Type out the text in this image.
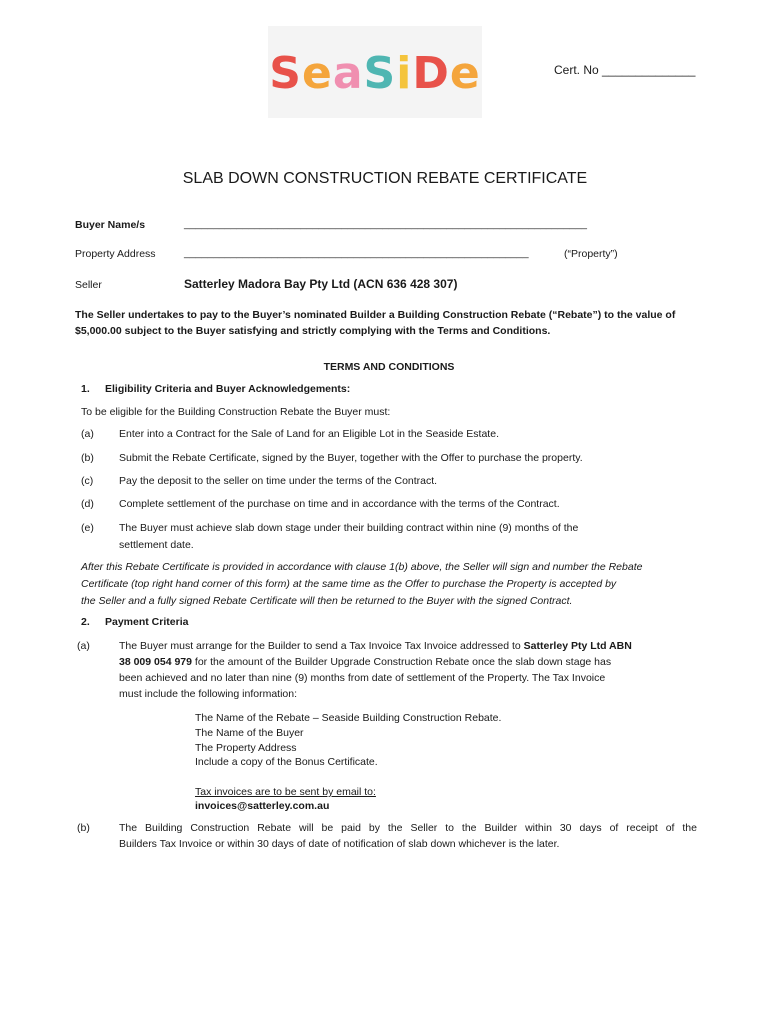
SeaSiDe	Cert. No ______________
SLAB DOWN CONSTRUCTION REBATE CERTIFICATE
Buyer Name/s	_____________________________________________________________________
Property Address	___________________________________________________________	(“Property”)
Seller	Satterley Madora Bay Pty Ltd (ACN 636 428 307)
The Seller undertakes to pay to the Buyer’s nominated Builder a Building Construction Rebate (“Rebate”) to the value of $5,000.00 subject to the Buyer satisfying and strictly complying with the Terms and Conditions.
TERMS AND CONDITIONS
1. Eligibility Criteria and Buyer Acknowledgements:
To be eligible for the Building Construction Rebate the Buyer must:
(a) Enter into a Contract for the Sale of Land for an Eligible Lot in the Seaside Estate.
(b) Submit the Rebate Certificate, signed by the Buyer, together with the Offer to purchase the property.
(c) Pay the deposit to the seller on time under the terms of the Contract.
(d) Complete settlement of the purchase on time and in accordance with the terms of the Contract.
(e) The Buyer must achieve slab down stage under their building contract within nine (9) months of the
settlement date.
After this Rebate Certificate is provided in accordance with clause 1(b) above, the Seller will sign and number the Rebate
Certificate (top right hand corner of this form) at the same time as the Offer to purchase the Property is accepted by
the Seller and a fully signed Rebate Certificate will then be returned to the Buyer with the signed Contract.
2. Payment Criteria
(a)	The Buyer must arrange for the Builder to send a Tax Invoice Tax Invoice addressed to Satterley Pty Ltd ABN
38 009 054 979 for the amount of the Builder Upgrade Construction Rebate once the slab down stage has
been achieved and no later than nine (9) months from date of settlement of the Property. The Tax Invoice
must include the following information:
The Name of the Rebate – Seaside Building Construction Rebate.
The Name of the Buyer
The Property Address
Include a copy of the Bonus Certificate.
Tax invoices are to be sent by email to:
invoices@satterley.com.au
(b)	The Building Construction Rebate will be paid by the Seller to the Builder within 30 days of receipt of the
Builders Tax Invoice or within 30 days of date of notification of slab down whichever is the later.
